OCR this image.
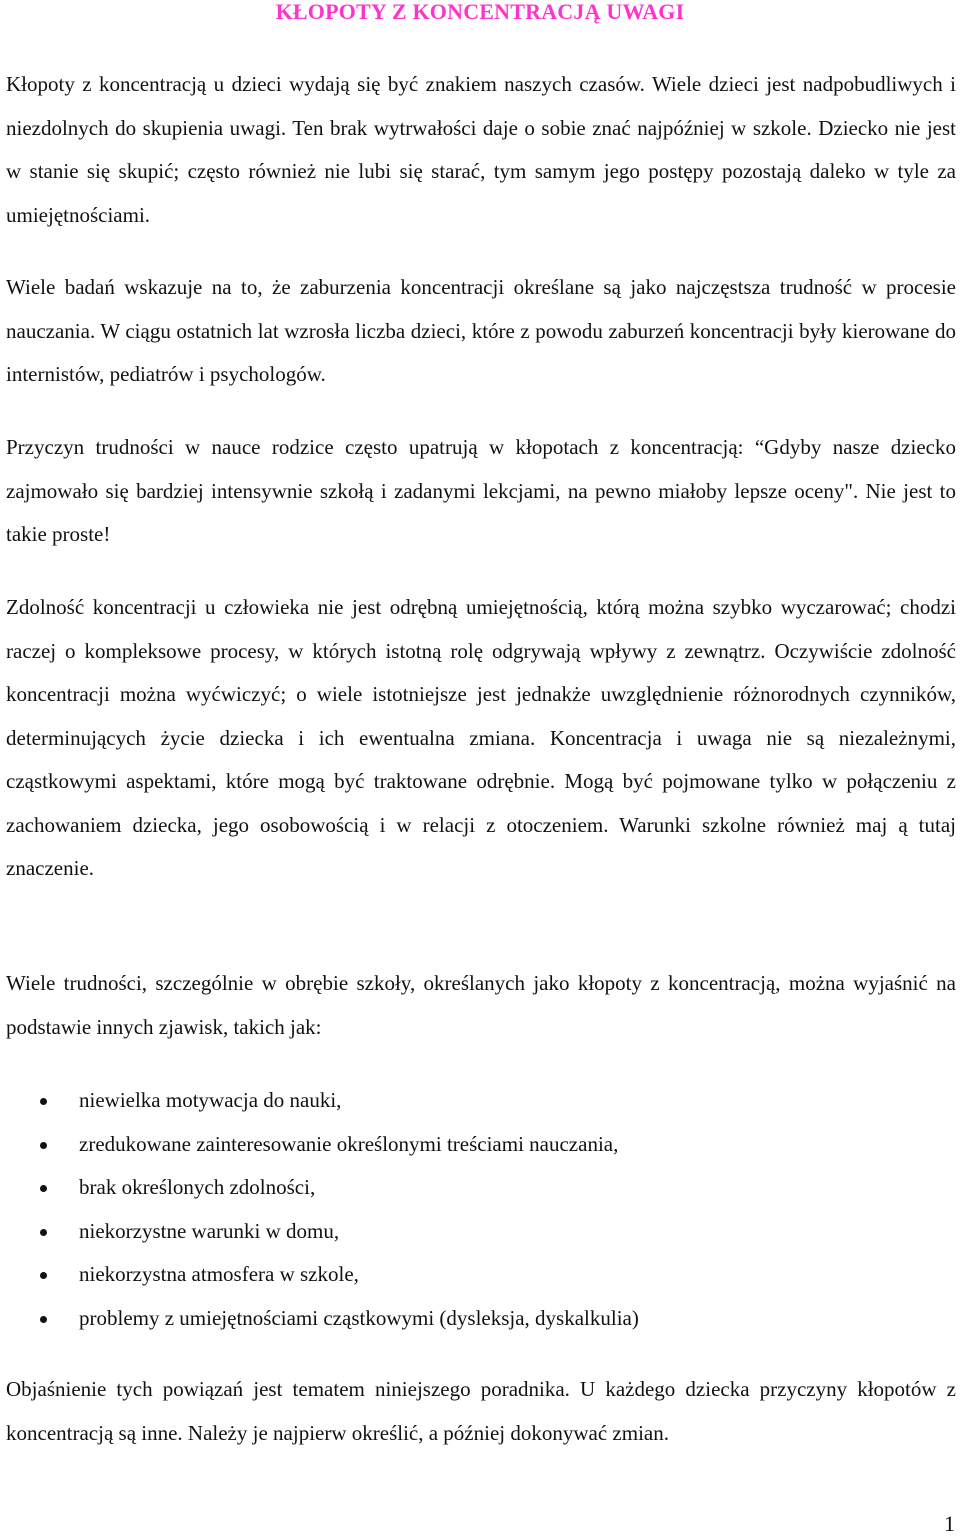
KŁOPOTY Z KONCENTRACJĄ UWAGI

Kłopoty z koncentracją u dzieci wydają się być znakiem naszych czasów. Wiele dzieci jest nadpobudliwych i niezdolnych do skupienia uwagi. Ten brak wytrwałości daje o sobie znać najpóźniej w szkole. Dziecko nie jest w stanie się skupić; często również nie lubi się starać, tym samym jego postępy pozostają daleko w tyle za umiejętnościami.

Wiele badań wskazuje na to, że zaburzenia koncentracji określane są jako najczęstsza trudność w procesie nauczania. W ciągu ostatnich lat wzrosła liczba dzieci, które z powodu zaburzeń koncentracji były kierowane do internistów, pediatrów i psychologów.

Przyczyn trudności w nauce rodzice często upatrują w kłopotach z koncentracją: “Gdyby nasze dziecko zajmowało się bardziej intensywnie szkołą i zadanymi lekcjami, na pewno miałoby lepsze oceny". Nie jest to takie proste!

Zdolność koncentracji u człowieka nie jest odrębną umiejętnością, którą można szybko wyczarować; chodzi raczej o kompleksowe procesy, w których istotną rolę odgrywają wpływy z zewnątrz. Oczywiście zdolność koncentracji można wyćwiczyć; o wiele istotniejsze jest jednakże uwzględnienie różnorodnych czynników, determinujących życie dziecka i ich ewentualna zmiana. Koncentracja i uwaga nie są niezależnymi, cząstkowymi aspektami, które mogą być traktowane odrębnie. Mogą być pojmowane tylko w połączeniu z zachowaniem dziecka, jego osobowością i w relacji z otoczeniem. Warunki szkolne również maj ą tutaj znaczenie.

Wiele trudności, szczególnie w obrębie szkoły, określanych jako kłopoty z koncentracją, można wyjaśnić na podstawie innych zjawisk, takich jak:

niewielka motywacja do nauki,
zredukowane zainteresowanie określonymi treściami nauczania,
brak określonych zdolności,
niekorzystne warunki w domu,
niekorzystna atmosfera w szkole,
problemy z umiejętnościami cząstkowymi (dysleksja, dyskalkulia)

Objaśnienie tych powiązań jest tematem niniejszego poradnika. U każdego dziecka przyczyny kłopotów z koncentracją są inne. Należy je najpierw określić, a później dokonywać zmian.

1
